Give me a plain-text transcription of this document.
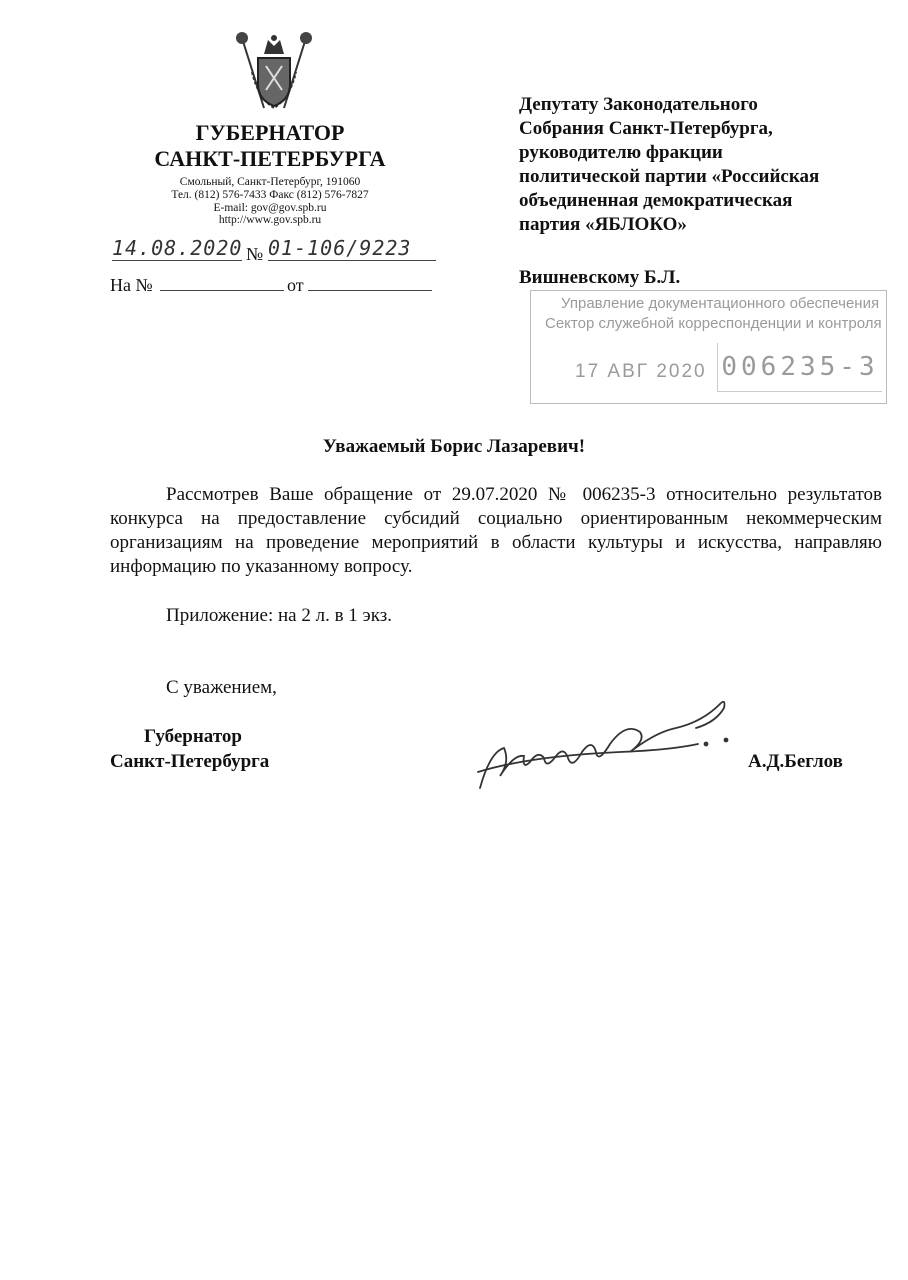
ГУБЕРНАТОР
САНКТ-ПЕТЕРБУРГА
Смольный, Санкт-Петербург, 191060
Тел. (812) 576-7433 Факс (812) 576-7827
E-mail: gov@gov.spb.ru
http://www.gov.spb.ru
14.08.2020 № 01-106/9223
На №	от
Депутату Законодательного
Собрания Санкт-Петербурга,
руководителю фракции
политической партии «Российская
объединенная демократическая
партия «ЯБЛОКО»
Вишневскому Б.Л.
Управление документационного обеспечения
Сектор служебной корреспонденции и контроля
17 АВГ 2020 006235-3
Уважаемый Борис Лазаревич!
Рассмотрев Ваше обращение от 29.07.2020 № 006235-3 относительно результатов конкурса на предоставление субсидий социально ориентированным некоммерческим организациям на проведение мероприятий в области культуры и искусства, направляю информацию по указанному вопросу.
Приложение: на 2 л. в 1 экз.
С уважением,
Губернатор
Санкт-Петербурга	А.Д.Беглов
